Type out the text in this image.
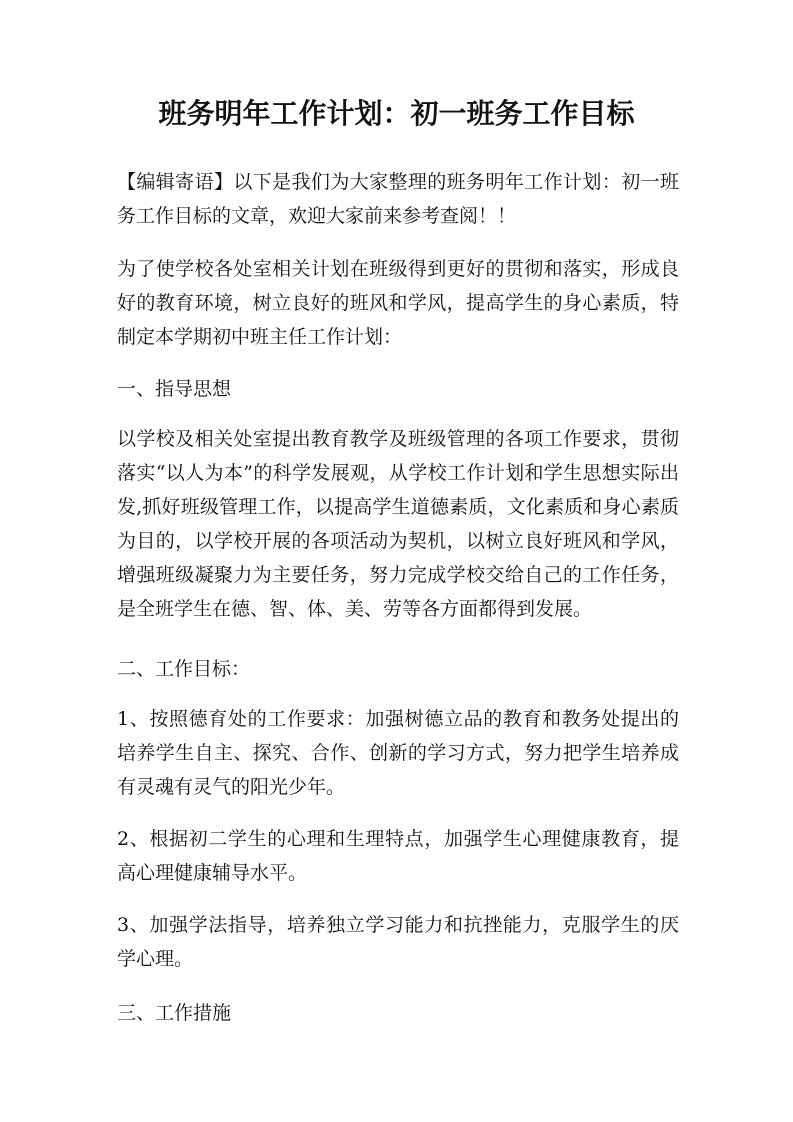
班务明年工作计划：初一班务工作目标

【编辑寄语】以下是我们为大家整理的班务明年工作计划：初一班务工作目标的文章，欢迎大家前来参考查阅！！

为了使学校各处室相关计划在班级得到更好的贯彻和落实，形成良好的教育环境，树立良好的班风和学风，提高学生的身心素质，特制定本学期初中班主任工作计划：

一、指导思想

以学校及相关处室提出教育教学及班级管理的各项工作要求，贯彻落实“以人为本”的科学发展观，从学校工作计划和学生思想实际出发,抓好班级管理工作，以提高学生道德素质，文化素质和身心素质为目的，以学校开展的各项活动为契机，以树立良好班风和学风，增强班级凝聚力为主要任务，努力完成学校交给自己的工作任务，是全班学生在德、智、体、美、劳等各方面都得到发展。

二、工作目标：

1、按照德育处的工作要求：加强树德立品的教育和教务处提出的培养学生自主、探究、合作、创新的学习方式，努力把学生培养成有灵魂有灵气的阳光少年。

2、根据初二学生的心理和生理特点，加强学生心理健康教育，提高心理健康辅导水平。

3、加强学法指导，培养独立学习能力和抗挫能力，克服学生的厌学心理。

三、工作措施
